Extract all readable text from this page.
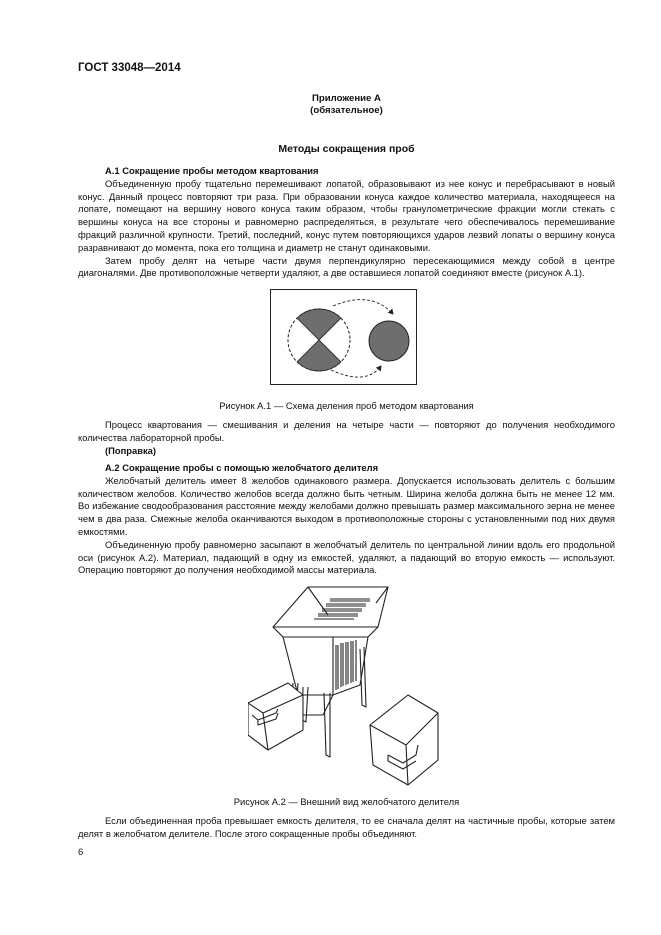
ГОСТ 33048—2014
Приложение А
(обязательное)
Методы сокращения проб
А.1 Сокращение пробы методом квартования

Объединенную пробу тщательно перемешивают лопатой, образовывают из нее конус и перебрасывают в новый конус. Данный процесс повторяют три раза. При образовании конуса каждое количество материала, находящееся на лопате, помещают на вершину нового конуса таким образом, чтобы гранулометрические фракции могли стекать с вершины конуса на все стороны и равномерно распределяться, в результате чего обеспечивалось перемешивание фракций различной крупности. Третий, последний, конус путем повторяющихся ударов лезвий лопаты о вершину конуса разравнивают до момента, пока его толщина и диаметр не станут одинаковыми.

Затем пробу делят на четыре части двумя перпендикулярно пересекающимися между собой в центре диагоналями. Две противоположные четверти удаляют, а две оставшиеся лопатой соединяют вместе (рисунок А.1).

Рисунок А.1 — Схема деления проб методом квартования

Процесс квартования — смешивания и деления на четыре части — повторяют до получения необходимого количества лабораторной пробы.

(Поправка)
А.2 Сокращение пробы с помощью желобчатого делителя

Желобчатый делитель имеет 8 желобов одинакового размера. Допускается использовать делитель с большим количеством желобов. Количество желобов всегда должно быть четным. Ширина желоба должна быть не менее 12 мм. Во избежание сводообразования расстояние между желобами должно превышать размер максимального зерна не менее чем в два раза. Смежные желоба оканчиваются выходом в противоположные стороны с установленными под них двумя емкостями.

Объединенную пробу равномерно засыпают в желобчатый делитель по центральной линии вдоль его продольной оси (рисунок А.2). Материал, падающий в одну из емкостей, удаляют, а падающий во вторую емкость — используют. Операцию повторяют до получения необходимой массы материала.

Рисунок А.2 — Внешний вид желобчатого делителя

Если объединенная проба превышает емкость делителя, то ее сначала делят на частичные пробы, которые затем делят в желобчатом делителе. После этого сокращенные пробы объединяют.

6
